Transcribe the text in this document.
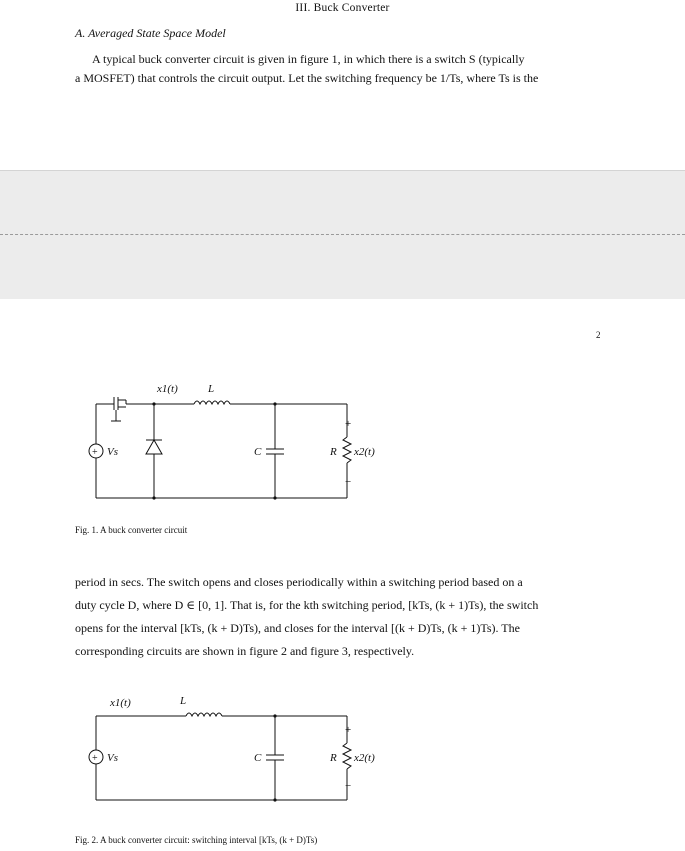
III. Buck Converter
A. Averaged State Space Model
A typical buck converter circuit is given in figure 1, in which there is a switch S (typically
a MOSFET) that controls the circuit output. Let the switching frequency be 1/Ts, where Ts is the
2
+ Vs
x1(t)	L
C	R
+
−
x2(t)
Fig. 1. A buck converter circuit
period in secs. The switch opens and closes periodically within a switching period based on a
duty cycle D, where D ∈ [0, 1]. That is, for the kth switching period, [kTs, (k + 1)Ts), the switch
opens for the interval [kTs, (k + D)Ts), and closes for the interval [(k + D)Ts, (k + 1)Ts). The
corresponding circuits are shown in figure 2 and figure 3, respectively.
+ Vs
x1(t)	L
C	R
+
−
x2(t)
Fig. 2. A buck converter circuit: switching interval [kTs, (k + D)Ts)
